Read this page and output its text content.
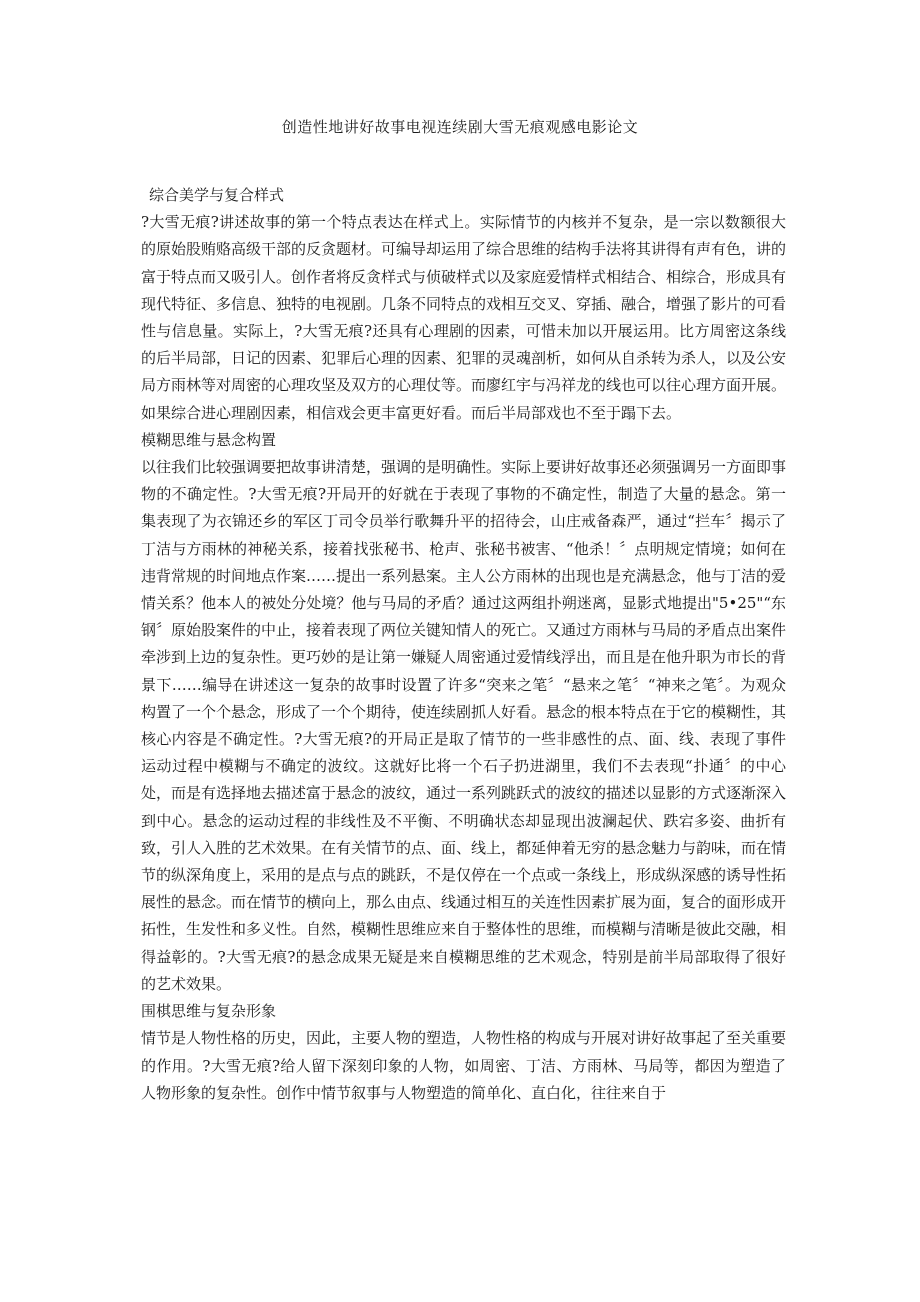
创造性地讲好故事电视连续剧大雪无痕观感电影论文
综合美学与复合样式
?大雪无痕?讲述故事的第一个特点表达在样式上。实际情节的内核并不复杂，是一宗以数额很大的原始股贿赂高级干部的反贪题材。可编导却运用了综合思维的结构手法将其讲得有声有色，讲的富于特点而又吸引人。创作者将反贪样式与侦破样式以及家庭爱情样式相结合、相综合，形成具有现代特征、多信息、独特的电视剧。几条不同特点的戏相互交叉、穿插、融合，增强了影片的可看性与信息量。实际上，?大雪无痕?还具有心理剧的因素，可惜未加以开展运用。比方周密这条线的后半局部，日记的因素、犯罪后心理的因素、犯罪的灵魂剖析，如何从自杀转为杀人，以及公安局方雨林等对周密的心理攻坚及双方的心理仗等。而廖红宇与冯祥龙的线也可以往心理方面开展。如果综合进心理剧因素，相信戏会更丰富更好看。而后半局部戏也不至于蹋下去。
模糊思维与悬念构置
以往我们比较强调要把故事讲清楚，强调的是明确性。实际上要讲好故事还必须强调另一方面即事物的不确定性。?大雪无痕?开局开的好就在于表现了事物的不确定性，制造了大量的悬念。第一集表现了为衣锦还乡的军区丁司令员举行歌舞升平的招待会，山庄戒备森严，通过“拦车〞揭示了丁洁与方雨林的神秘关系，接着找张秘书、枪声、张秘书被害、“他杀！〞点明规定情境；如何在违背常规的时间地点作案……提出一系列悬案。主人公方雨林的出现也是充满悬念，他与丁洁的爱情关系？他本人的被处分处境？他与马局的矛盾？通过这两组扑朔迷离，显影式地提出"5•25"“东钢〞原始股案件的中止，接着表现了两位关键知情人的死亡。又通过方雨林与马局的矛盾点出案件牵涉到上边的复杂性。更巧妙的是让第一嫌疑人周密通过爱情线浮出，而且是在他升职为市长的背景下……编导在讲述这一复杂的故事时设置了许多“突来之笔〞“悬来之笔〞“神来之笔〞。为观众构置了一个个悬念，形成了一个个期待，使连续剧抓人好看。悬念的根本特点在于它的模糊性，其核心内容是不确定性。?大雪无痕?的开局正是取了情节的一些非感性的点、面、线、表现了事件运动过程中模糊与不确定的波纹。这就好比将一个石子扔进湖里，我们不去表现“扑通〞的中心处，而是有选择地去描述富于悬念的波纹，通过一系列跳跃式的波纹的描述以显影的方式逐渐深入到中心。悬念的运动过程的非线性及不平衡、不明确状态却显现出波澜起伏、跌宕多姿、曲折有致，引人入胜的艺术效果。在有关情节的点、面、线上，都延伸着无穷的悬念魅力与韵味，而在情节的纵深角度上，采用的是点与点的跳跃，不是仅停在一个点或一条线上，形成纵深感的诱导性拓展性的悬念。而在情节的横向上，那么由点、线通过相互的关连性因素扩展为面，复合的面形成开拓性，生发性和多义性。自然，模糊性思维应来自于整体性的思维，而模糊与清晰是彼此交融，相得益彰的。?大雪无痕?的悬念成果无疑是来自模糊思维的艺术观念，特别是前半局部取得了很好的艺术效果。
围棋思维与复杂形象
情节是人物性格的历史，因此，主要人物的塑造，人物性格的构成与开展对讲好故事起了至关重要的作用。?大雪无痕?给人留下深刻印象的人物，如周密、丁洁、方雨林、马局等，都因为塑造了人物形象的复杂性。创作中情节叙事与人物塑造的简单化、直白化，往往来自于
